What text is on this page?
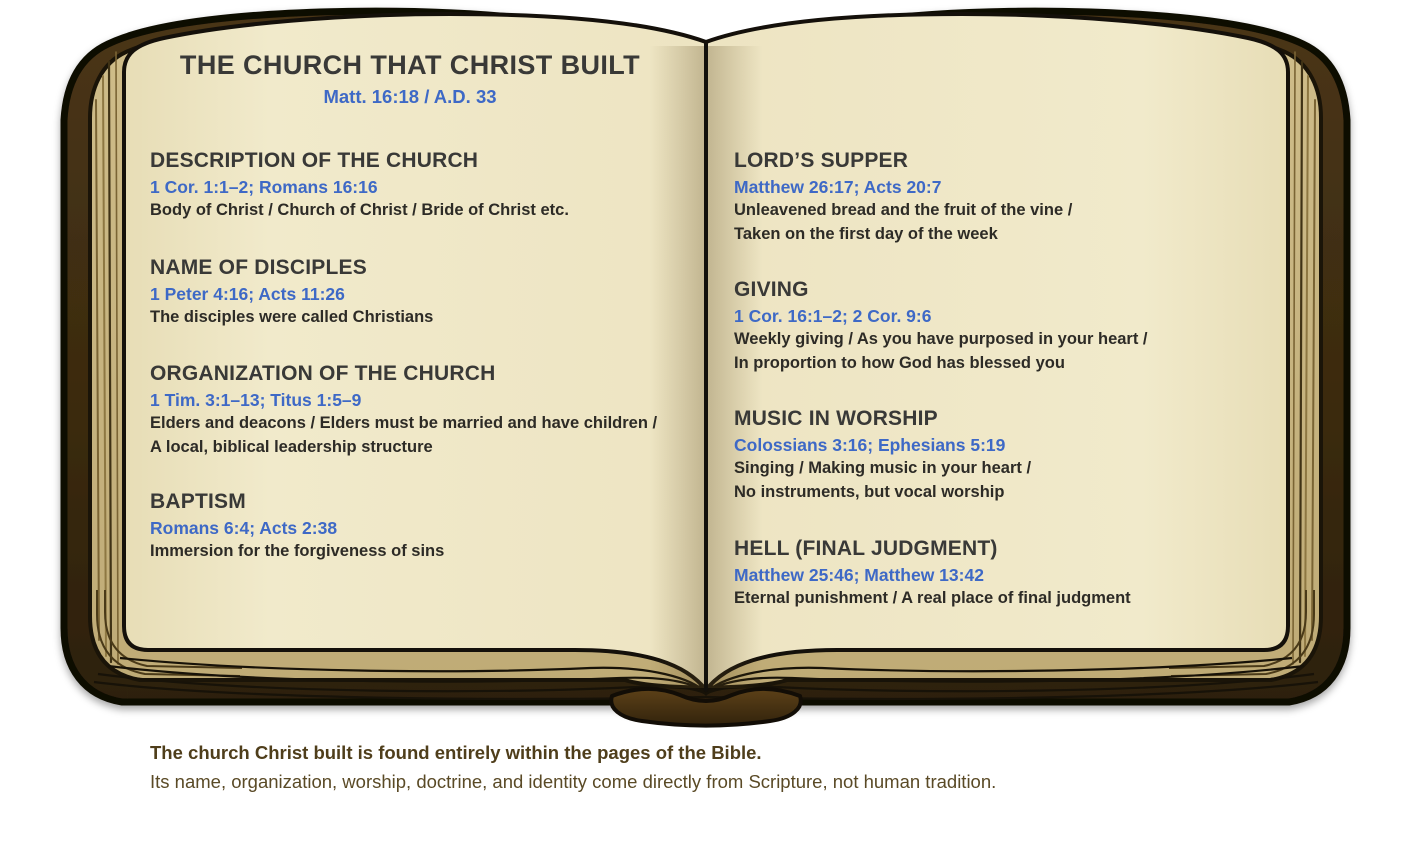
THE CHURCH THAT CHRIST BUILT
Matt. 16:18 / A.D. 33
DESCRIPTION OF THE CHURCH
1 Cor. 1:1–2; Romans 16:16
Body of Christ / Church of Christ / Bride of Christ etc.
NAME OF DISCIPLES
1 Peter 4:16; Acts 11:26
The disciples were called Christians
ORGANIZATION OF THE CHURCH
1 Tim. 3:1–13; Titus 1:5–9
Elders and deacons / Elders must be married and have children /
A local, biblical leadership structure
BAPTISM
Romans 6:4; Acts 2:38
Immersion for the forgiveness of sins
LORD’S SUPPER
Matthew 26:17; Acts 20:7
Unleavened bread and the fruit of the vine /
Taken on the first day of the week
GIVING
1 Cor. 16:1–2; 2 Cor. 9:6
Weekly giving / As you have purposed in your heart /
In proportion to how God has blessed you
MUSIC IN WORSHIP
Colossians 3:16; Ephesians 5:19
Singing / Making music in your heart /
No instruments, but vocal worship
HELL (FINAL JUDGMENT)
Matthew 25:46; Matthew 13:42
Eternal punishment / A real place of final judgment
The church Christ built is found entirely within the pages of the Bible.
Its name, organization, worship, doctrine, and identity come directly from Scripture, not human tradition.
